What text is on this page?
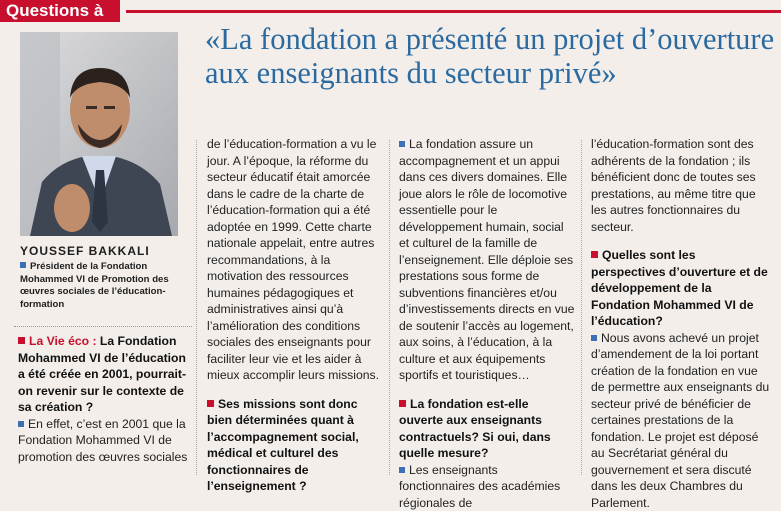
Questions à
YOUSSEF BAKKALI
Président de la Fondation Mohammed VI de Promotion des œuvres sociales de l’éducation-formation
«La fondation a présenté un projet d’ouverture aux enseignants du secteur privé»

La Vie éco : La Fondation Mohammed VI de l’éducation a été créée en 2001, pourrait-on revenir sur le contexte de sa création ?

En effet, c’est en 2001 que la Fondation Mohammed VI de promotion des œuvres sociales

de l’éducation-formation a vu le jour. A l’époque, la réforme du secteur éducatif était amorcée dans le cadre de la charte de l’éducation-formation qui a été adoptée en 1999. Cette charte nationale appelait, entre autres recommandations, à la motivation des ressources humaines pédagogiques et administratives ainsi qu’à l’amélioration des conditions sociales des enseignants pour faciliter leur vie et les aider à mieux accomplir leurs missions.

Ses missions sont donc bien déterminées quant à l’accompagnement social, médical et culturel des fonctionnaires de l’enseignement ?

La fondation assure un accompagnement et un appui dans ces divers domaines. Elle joue alors le rôle de locomotive essentielle pour le développement humain, social et culturel de la famille de l’enseignement. Elle déploie ses prestations sous forme de subventions financières et/ou d’investissements directs en vue de soutenir l’accès au logement, aux soins, à l’éducation, à la culture et aux équipements sportifs et touristiques…

La fondation est-elle ouverte aux enseignants contractuels? Si oui, dans quelle mesure?

Les enseignants fonctionnaires des académies régionales de

l’éducation-formation sont des adhérents de la fondation ; ils bénéficient donc de toutes ses prestations, au même titre que les autres fonctionnaires du secteur.

Quelles sont les perspectives d’ouverture et de développement de la Fondation Mohammed VI de l’éducation?

Nous avons achevé un projet d’amendement de la loi portant création de la fondation en vue de permettre aux enseignants du secteur privé de bénéficier de certaines prestations de la fondation. Le projet est déposé au Secrétariat général du gouvernement et sera discuté dans les deux Chambres du Parlement.
